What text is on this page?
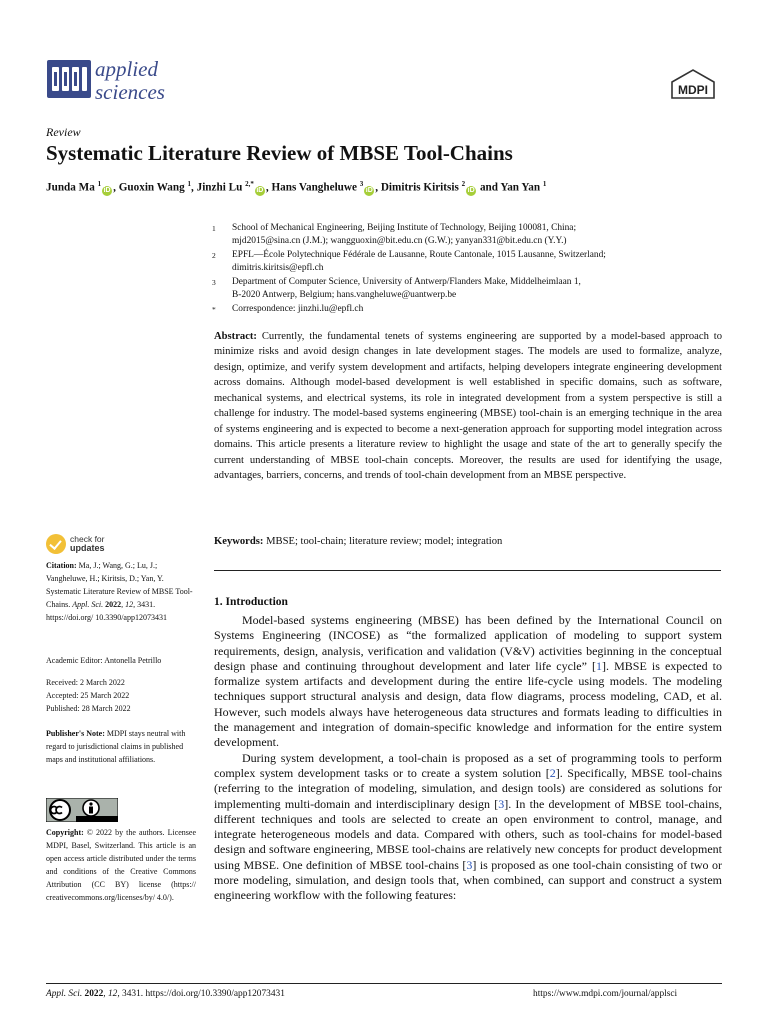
applied
sciences	MDPI
Review
Systematic Literature Review of MBSE Tool-Chains
Junda Ma $^1$iD , Guoxin Wang $^1$, Jinzhi Lu $^{2,*}$iD , Hans Vangheluwe $^3$iD , Dimitris Kiritsis $^2$iD and Yan Yan $^1$
1 School of Mechanical Engineering, Beijing Institute of Technology, Beijing 100081, China;
mjd2015@sina.cn (J.M.); wangguoxin@bit.edu.cn (G.W.); yanyan331@bit.edu.cn (Y.Y.)
2 EPFL—École Polytechnique Fédérale de Lausanne, Route Cantonale, 1015 Lausanne, Switzerland;
dimitris.kiritsis@epfl.ch
3 Department of Computer Science, University of Antwerp/Flanders Make, Middelheimlaan 1,
B-2020 Antwerp, Belgium; hans.vangheluwe@uantwerp.be
* Correspondence: jinzhi.lu@epfl.ch

Abstract: Currently, the fundamental tenets of systems engineering are supported by a model-based approach to minimize risks and avoid design changes in late development stages. The models are used to formalize, analyze, design, optimize, and verify system development and artifacts, helping developers integrate engineering development across domains. Although model-based development is well established in specific domains, such as software, mechanical systems, and electrical systems, its role in integrated development from a system perspective is still a challenge for industry. The model-based systems engineering (MBSE) tool-chain is an emerging technique in the area of systems engineering and is expected to become a next-generation approach for supporting model integration across domains. This article presents a literature review to highlight the usage and state of the art to generally specify the current understanding of MBSE tool-chain concepts. Moreover, the results are used for identifying the usage, advantages, barriers, concerns, and trends of tool-chain development from an MBSE perspective.
Keywords: MBSE; tool-chain; literature review; model; integration
check for
updates
Citation: Ma, J.; Wang, G.; Lu, J.; Vangheluwe, H.; Kiritsis, D.; Yan, Y. Systematic Literature Review of MBSE Tool-Chains. Appl. Sci. 2022, 12, 3431. https://doi.org/ 10.3390/app12073431
Academic Editor: Antonella Petrillo
Received: 2 March 2022
Accepted: 25 March 2022
Published: 28 March 2022
Publisher's Note: MDPI stays neutral with regard to jurisdictional claims in published maps and institutional affiliations.
Copyright: © 2022 by the authors. Licensee MDPI, Basel, Switzerland. This article is an open access article distributed under the terms and conditions of the Creative Commons Attribution (CC BY) license (https:// creativecommons.org/licenses/by/ 4.0/).
1. Introduction

Model-based systems engineering (MBSE) has been defined by the International Council on Systems Engineering (INCOSE) as “the formalized application of modeling to support system requirements, design, analysis, verification and validation (V&V) activities beginning in the conceptual design phase and continuing throughout development and later life cycle” [1]. MBSE is expected to formalize system artifacts and development during the entire life-cycle using models. The modeling techniques support structural analysis and design, data flow diagrams, process modeling, CAD, et al. However, such models always have heterogeneous data structures and formats leading to difficulties in the management and integration of domain-specific knowledge and information for the entire system development.

During system development, a tool-chain is proposed as a set of programming tools to perform complex system development tasks or to create a system solution [2]. Specifically, MBSE tool-chains (referring to the integration of modeling, simulation, and design tools) are considered as solutions for implementing multi-domain and interdisciplinary design [3]. In the development of MBSE tool-chains, different techniques and tools are selected to create an open environment to control, manage, and integrate heterogeneous models and data. Compared with others, such as tool-chains for model-based design and software engineering, MBSE tool-chains are relatively new concepts for product development using MBSE. One definition of MBSE tool-chains [3] is proposed as one tool-chain consisting of two or more modeling, simulation, and design tools that, when combined, can support and construct a system engineering workflow with the following features:

Appl. Sci. 2022, 12, 3431. https://doi.org/10.3390/app12073431	https://www.mdpi.com/journal/applsci
